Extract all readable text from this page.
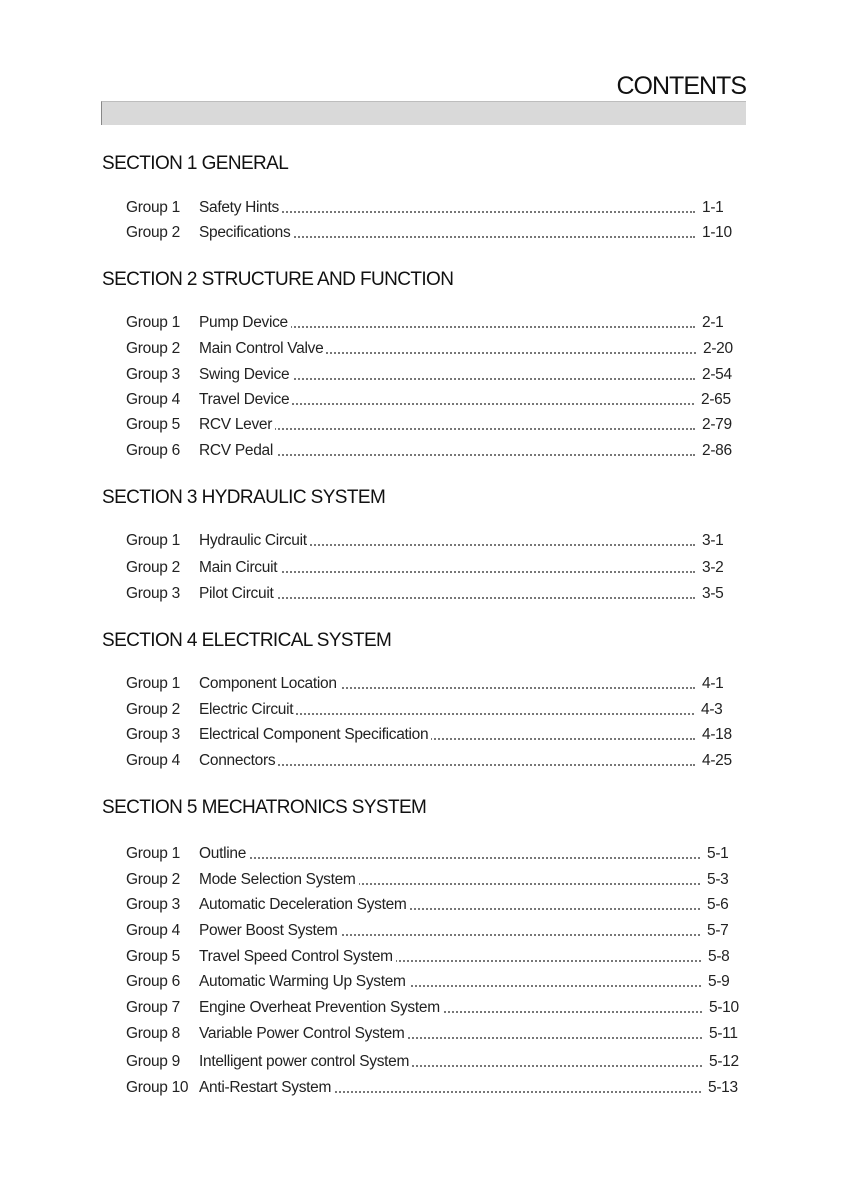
CONTENTS
SECTION 1 GENERAL
Group 1 Safety Hints	1-1
Group 2 Specifications	1-10
SECTION 2 STRUCTURE AND FUNCTION
Group 1 Pump Device	2-1
Group 2 Main Control Valve	2-20
Group 3 Swing Device	2-54
Group 4 Travel Device	2-65
Group 5 RCV Lever	2-79
Group 6 RCV Pedal	2-86
SECTION 3 HYDRAULIC SYSTEM
Group 1 Hydraulic Circuit	3-1
Group 2 Main Circuit	3-2
Group 3 Pilot Circuit	3-5
SECTION 4 ELECTRICAL SYSTEM
Group 1 Component Location	4-1
Group 2 Electric Circuit	4-3
Group 3 Electrical Component Specification	4-18
Group 4 Connectors	4-25
SECTION 5 MECHATRONICS SYSTEM
Group 1 Outline	5-1
Group 2 Mode Selection System	5-3
Group 3 Automatic Deceleration System	5-6
Group 4 Power Boost System	5-7
Group 5 Travel Speed Control System	5-8
Group 6 Automatic Warming Up System	5-9
Group 7 Engine Overheat Prevention System	5-10
Group 8 Variable Power Control System	5-11
Group 9 Intelligent power control System	5-12
Group 10 Anti-Restart System	5-13
